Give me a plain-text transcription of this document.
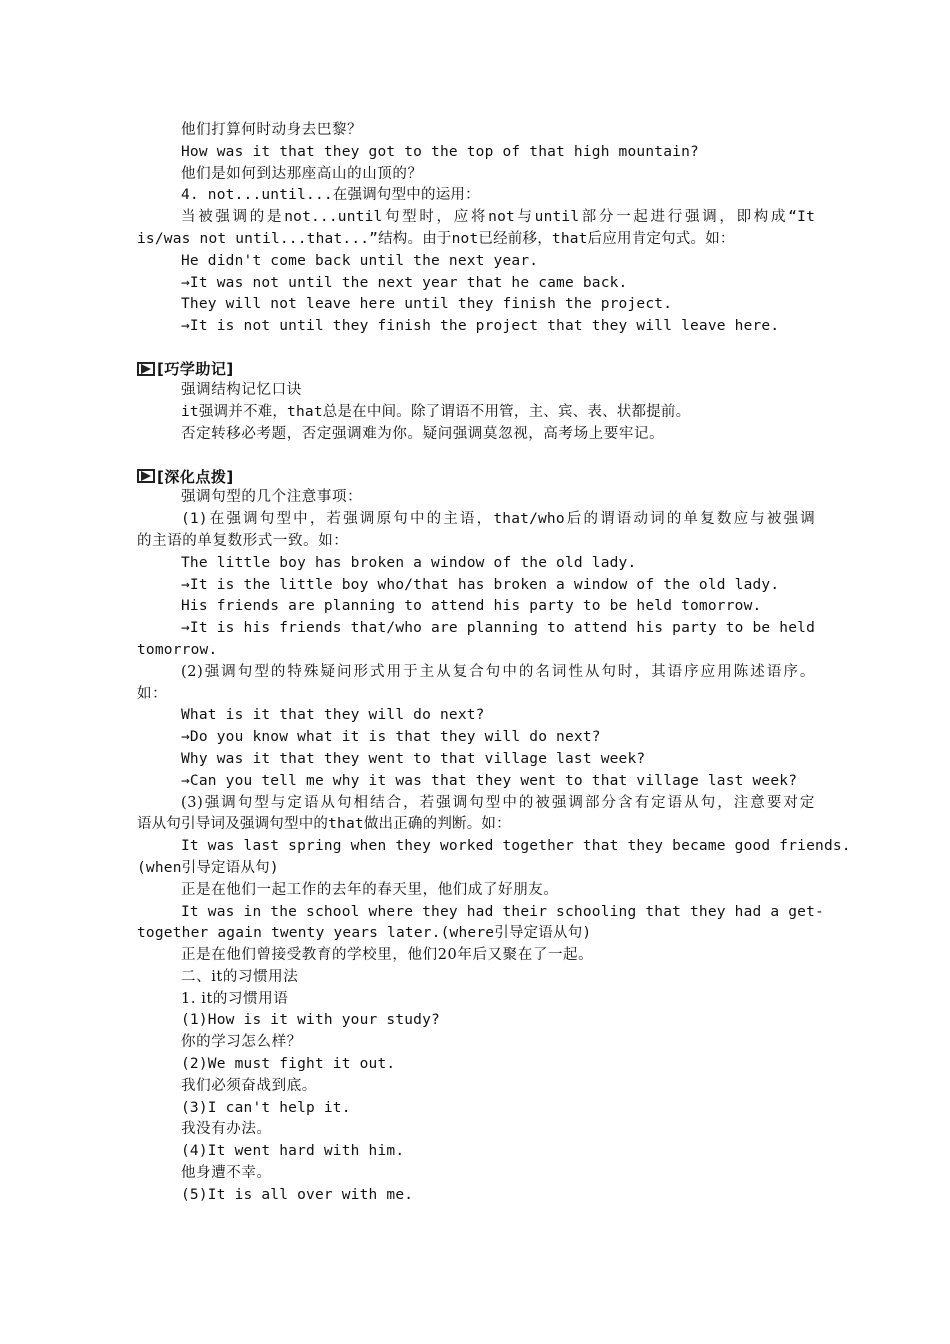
他们打算何时动身去巴黎？
How was it that they got to the top of that high mountain?
他们是如何到达那座高山的山顶的？
4. not...until...在强调句型中的运用：
当被强调的是not...until句型时，应将not与until部分一起进行强调，即构成“It
is/was not until...that...”结构。由于not已经前移，that后应用肯定句式。如：
He didn't come back until the next year.
→It was not until the next year that he came back.
They will not leave here until they finish the project.
→It is not until they finish the project that they will leave here.
[巧学助记]
强调结构记忆口诀
it强调并不难，that总是在中间。除了谓语不用管，主、宾、表、状都提前。
否定转移必考题，否定强调难为你。疑问强调莫忽视，高考场上要牢记。
[深化点拨]
强调句型的几个注意事项：
(1)在强调句型中，若强调原句中的主语，that/who后的谓语动词的单复数应与被强调
的主语的单复数形式一致。如：
The little boy has broken a window of the old lady.
→It is the little boy who/that has broken a window of the old lady.
His friends are planning to attend his party to be held tomorrow.
→It is his friends that/who are planning to attend his party to be held
tomorrow.
(2)强调句型的特殊疑问形式用于主从复合句中的名词性从句时，其语序应用陈述语序。
如：
What is it that they will do next?
→Do you know what it is that they will do next?
Why was it that they went to that village last week?
→Can you tell me why it was that they went to that village last week?
(3)强调句型与定语从句相结合，若强调句型中的被强调部分含有定语从句，注意要对定
语从句引导词及强调句型中的that做出正确的判断。如：
It was last spring when they worked together that they became good friends.
(when引导定语从句)
正是在他们一起工作的去年的春天里，他们成了好朋友。
It was in the school where they had their schooling that they had a get-
together again twenty years later.(where引导定语从句)
正是在他们曾接受教育的学校里，他们20年后又聚在了一起。
二、it的习惯用法
1. it的习惯用语
(1)How is it with your study?
你的学习怎么样？
(2)We must fight it out.
我们必须奋战到底。
(3)I can't help it.
我没有办法。
(4)It went hard with him.
他身遭不幸。
(5)It is all over with me.
